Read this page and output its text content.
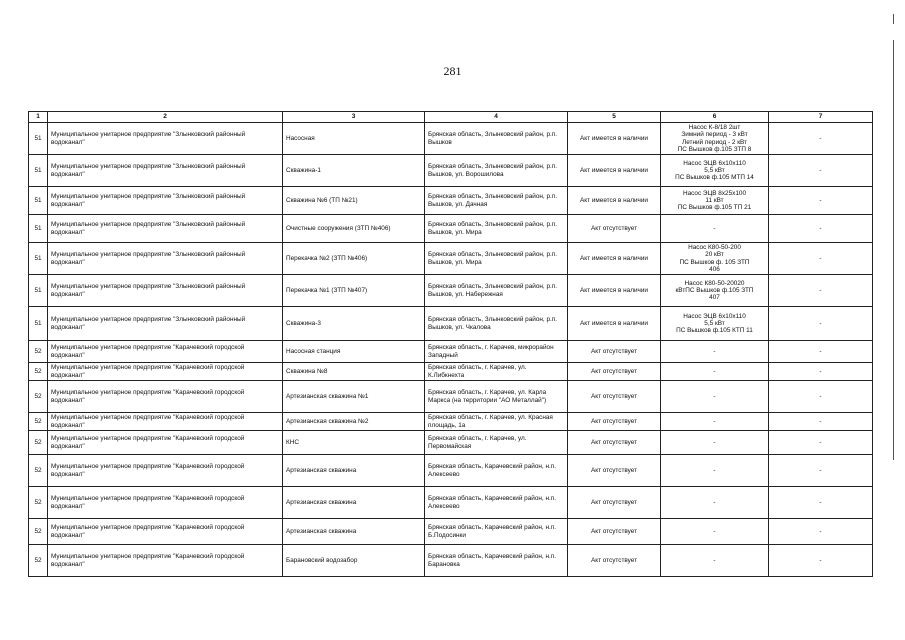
281
1	2	3	4	5	6	7
51	Муниципальное унитарное предприятие "Злынковский районный водоканал"	Насосная	Брянская область, Злынковский район, р.п. Вышков	Акт имеется в наличии	Насос К-8/18 2шт
Зимний период - 3 кВт
Летний период - 2 кВт
ПС Вышков ф.105 ЗТП 8	-
51	Муниципальное унитарное предприятие "Злынковский районный водоканал"	Скважина-1	Брянская область, Злынковский район, р.п. Вышков, ул. Ворошилова	Акт имеется в наличии	Насос ЭЦВ 6х10х110
5,5 кВт
ПС Вышков ф.105 МТП 14	-
51	Муниципальное унитарное предприятие "Злынковский районный водоканал"	Скважина №6 (ТП №21)	Брянская область, Злынковский район, р.п. Вышков, ул. Дачная	Акт имеется в наличии	Насос ЭЦВ 8х25х100
11 кВт
ПС Вышков ф.105 ТП 21	-
51	Муниципальное унитарное предприятие "Злынковский районный водоканал"	Очистные сооружения (ЗТП №406)	Брянская область, Злынковский район, р.п. Вышков, ул. Мира	Акт отсутствует	-	-
51	Муниципальное унитарное предприятие "Злынковский районный водоканал"	Перекачка №2 (ЗТП №406)	Брянская область, Злынковский район, р.п. Вышков, ул. Мира	Акт имеется в наличии	Насос К80-50-200
20 кВт
ПС Вышков ф. 105 ЗТП
406	-
51	Муниципальное унитарное предприятие "Злынковский районный водоканал"	Перекачка №1 (ЗТП №407)	Брянская область, Злынковский район, р.п. Вышков, ул. Набережная	Акт имеется в наличии	Насос К80-50-20020
кВтПС Вышков ф.105 ЗТП
407	-
51	Муниципальное унитарное предприятие "Злынковский районный водоканал"	Скважина-3	Брянская область, Злынковский район, р.п. Вышков, ул. Чкалова	Акт имеется в наличии	Насос ЭЦВ 6х10х110
5,5 кВт
ПС Вышков ф.105 КТП 11	-
52	Муниципальное унитарное предприятие "Карачевский городской водоканал"	Насосная станция	Брянская область, г. Карачев, микрорайон Западный	Акт отсутствует	-	-
52	Муниципальное унитарное предприятие "Карачевский городской водоканал"	Скважина №8	Брянская область, г. Карачев, ул. К.Либкнехта	Акт отсутствует	-	-
52	Муниципальное унитарное предприятие "Карачевский городской водоканал"	Артезианская скважина №1	Брянская область, г. Карачев, ул. Карла Маркса (на территории "АО Металлай")	Акт отсутствует	-	-
52	Муниципальное унитарное предприятие "Карачевский городской водоканал"	Артезианская скважина №2	Брянская область, г. Карачев, ул. Красная площадь, 1а	Акт отсутствует	-	-
52	Муниципальное унитарное предприятие "Карачевский городской водоканал"	КНС	Брянская область, г. Карачев, ул. Первомайская	Акт отсутствует	-	-
52	Муниципальное унитарное предприятие "Карачевский городской водоканал"	Артезианская скважина	Брянская область, Карачевский район, н.п. Алексеево	Акт отсутствует	-	-
52	Муниципальное унитарное предприятие "Карачевский городской водоканал"	Артезианская скважина	Брянская область, Карачевский район, н.п. Алексеево	Акт отсутствует	-	-
52	Муниципальное унитарное предприятие "Карачевский городской водоканал"	Артезианская скважина	Брянская область, Карачевский район, н.п. Б.Подосинки	Акт отсутствует	-	-
52	Муниципальное унитарное предприятие "Карачевский городской водоканал"	Барановский водозабор	Брянская область, Карачевский район, н.п. Барановка	Акт отсутствует	-	-
